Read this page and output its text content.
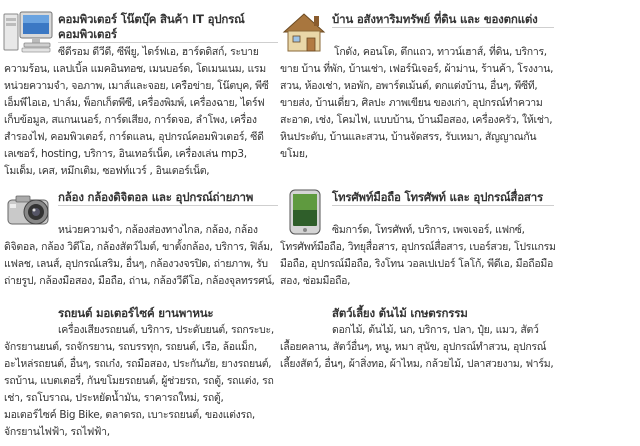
คอมพิวเตอร์ โน๊ตบุ๊ค สินค้า IT อุปกรณ์คอมพิวเตอร์
ซีดีรอม ดีวีดี, ซีพียู, ไดร์ฟเอ, ฮาร์ดดิสก์, ระบายความร้อน, แลปเบิ้ล แมคอินทอช, เมนบอร์ด, โดเมนเนม, แรม หน่วยความจำ, จอภาพ, เมาส์และจอย, เครือข่าย, โน๊ตบุค, พีซีเอ็มพีไอเอ, ปาล์ม, พ็อกเก็ตพีซี, เครื่องพิมพ์, เครื่องฉาย, ไดร์ฟเก็บข้อมูล, สแกนเนอร์, การ์ดเสียง, การ์ดจอ, ลำโพง, เครื่องสำรองไฟ, คอมพิวเตอร์, การ์ดแลน, อุปกรณ์คอมพิวเตอร์, ซีดีเลเซอร์, hosting, บริการ, อินเทอร์เน็ต, เครื่องเล่น mp3, โมเด็ม, เคส, หมึกเติม, ซอฟท์แวร์ , อินเตอร์เน็ต,
บ้าน อสังหาริมทรัพย์ ที่ดิน และ ของตกแต่ง
โกดัง, คอนโด, ตึกแถว, ทาวน์เฮาส์, ที่ดิน, บริการ, ขาย บ้าน ที่พัก, บ้านเช่า, เฟอร์นิเจอร์, ผ้าม่าน, ร้านค้า, โรงงาน, สวน, ห้องเช่า, หอพัก, อพาร์ตเม้นต์, ตกแต่งบ้าน, อื่นๆ, พีซีที, ขายส่ง, บ้านเดี่ยว, ศิลปะ ภาพเขียน ของเก่า, อุปกรณ์ทำความสะอาด, เช่ง, โคมไฟ, แบบบ้าน, บ้านมือสอง, เครื่องครัว, ให้เช่า, หินประดับ, บ้านและสวน, บ้านจัดสรร, รับเหมา, สัญญาณกันขโมย,
กล้อง กล้องดิจิตอล และ อุปกรณ์ถ่ายภาพ
หน่วยความจำ, กล้องส่องทางไกล, กล้อง, กล้องดิจิตอล, กล้อง วิดีโอ, กล้องสัตว์ไมต์, ขาตั้งกล้อง, บริการ, ฟิล์ม, แฟลช, เลนส์, อุปกรณ์เสริม, อื่นๆ, กล้องวงจรปิด, ถ่ายภาพ, รับถ่ายรูป, กล้องมือสอง, มือถือ, ถ่าน, กล้องวีดีโอ, กล้องจุลทรรศน์,
โทรศัพท์มือถือ โทรศัพท์ และ อุปกรณ์สื่อสาร
ซิมการ์ด, โทรศัพท์, บริการ, เพจเจอร์, แฟกซ์, โทรศัพท์มือถือ, วิทยุสื่อสาร, อุปกรณ์สื่อสาร, เบอร์สวย, โปรแกรมมือถือ, อุปกรณ์มือถือ, ริงโทน วอลเปเปอร์ โลโก้, พีดีเอ, มือถือมือสอง, ซ่อมมือถือ,
รถยนต์ มอเตอร์ไซค์ ยานพาหนะ
เครื่องเสียงรถยนต์, บริการ, ประดับยนต์, รถกระบะ, จักรยานยนต์, รถจักรยาน, รถบรรทุก, รถยนต์, เรือ, ล้อแม็ก, อะไหล่รถยนต์, อื่นๆ, รถเก๋ง, รถมือสอง, ประกันภัย, ยางรถยนต์, รถบ้าน, แบตเตอรี่, กันขโมยรถยนต์, ผู้ช่วยรถ, รถตู้, รถแต่ง, รถเช่า, รถโบราณ, ประหยัดน้ำมัน, ราคารถใหม่, รถตู้, มอเตอร์ไซค์ Big Bike, ตลาดรถ, เบาะรถยนต์, ของแต่งรถ, จักรยานไฟฟ้า, รถไฟฟ้า,
สัตว์เลี้ยง ต้นไม้ เกษตรกรรม
ดอกไม้, ต้นไม้, นก, บริการ, ปลา, ปุ๋ย, แมว, สัตว์เลื้อยคลาน, สัตว์อื่นๆ, หนู, หมา สุนัข, อุปกรณ์ทำสวน, อุปกรณ์เลี้ยงสัตว์, อื่นๆ, ผ้าสิ่งทอ, ผ้าไหม, กล้วยไม้, ปลาสวยงาม, ฟาร์ม,
